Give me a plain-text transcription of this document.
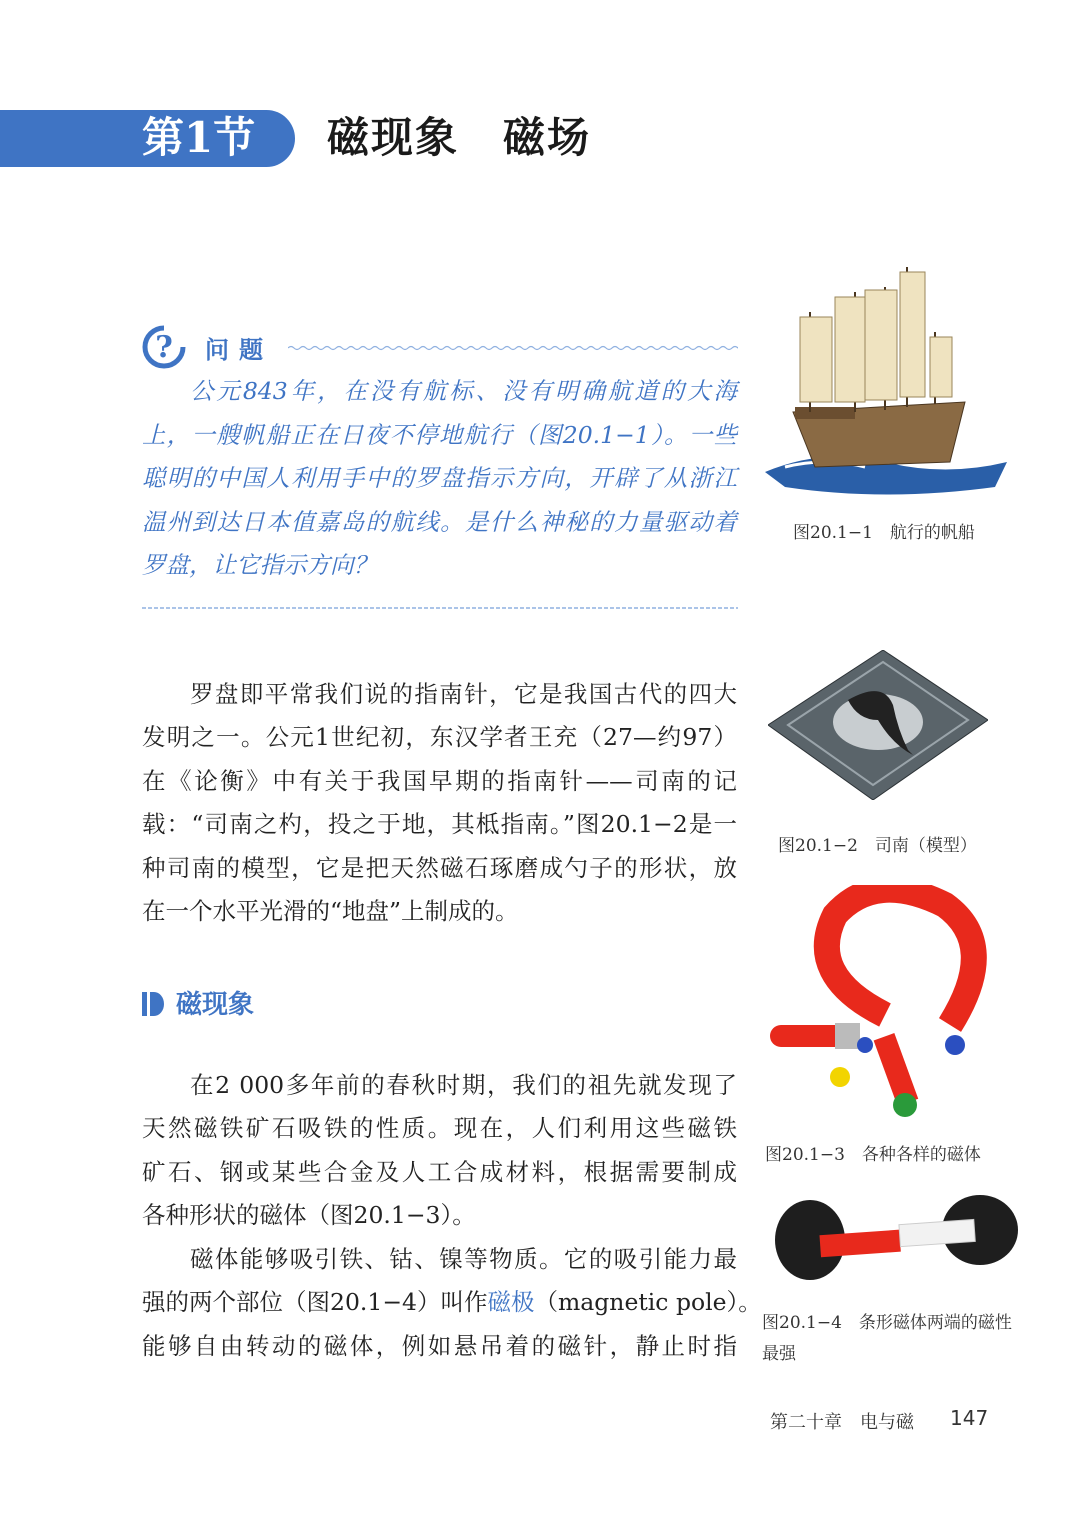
第1节 磁现象　磁场
? 问题
公元843年，在没有航标、没有明确航道的大海
上，一艘帆船正在日夜不停地航行（图20.1−1）。一些
聪明的中国人利用手中的罗盘指示方向，开辟了从浙江
温州到达日本值嘉岛的航线。是什么神秘的力量驱动着
罗盘，让它指示方向？
罗盘即平常我们说的指南针，它是我国古代的四大
发明之一。公元1世纪初，东汉学者王充（27—约97）
在《论衡》中有关于我国早期的指南针——司南的记
载：“司南之杓，投之于地，其柢指南。”图20.1−2是一
种司南的模型，它是把天然磁石琢磨成勺子的形状，放
在一个水平光滑的“地盘”上制成的。
磁现象
在2 000多年前的春秋时期，我们的祖先就发现了
天然磁铁矿石吸铁的性质。现在，人们利用这些磁铁
矿石、钢或某些合金及人工合成材料，根据需要制成
各种形状的磁体（图20.1−3）。
磁体能够吸引铁、钴、镍等物质。它的吸引能力最
强的两个部位（图20.1−4）叫作磁极（magnetic pole）。
能够自由转动的磁体，例如悬吊着的磁针，静止时指
图20.1−1　航行的帆船
图20.1−2　司南（模型）
图20.1−3　各种各样的磁体
图20.1−4　条形磁体两端的磁性
最强
第二十章　电与磁 147
